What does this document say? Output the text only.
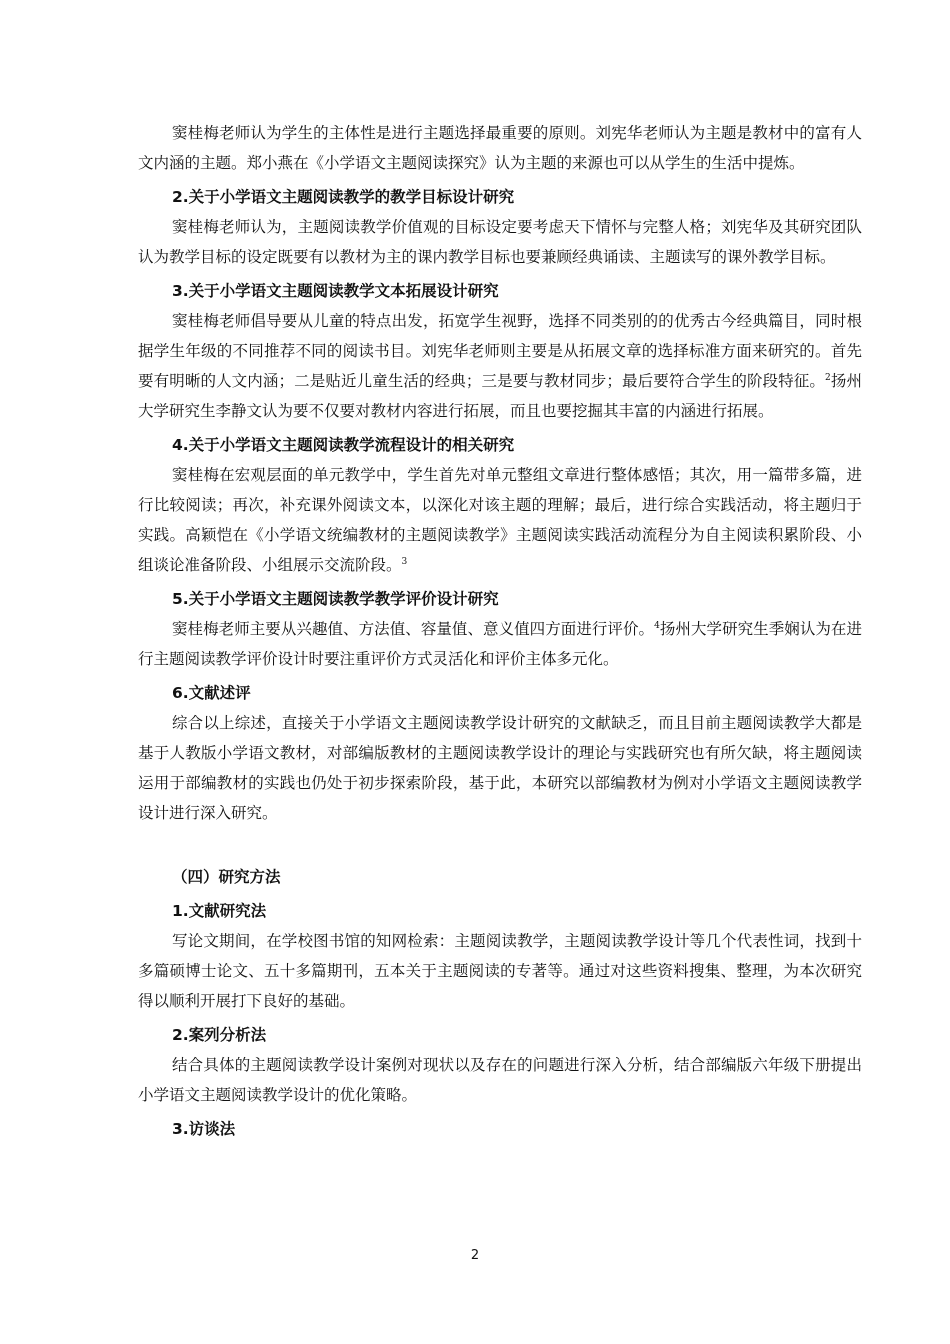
窦桂梅老师认为学生的主体性是进行主题选择最重要的原则。刘宪华老师认为主题是教材中的富有人文内涵的主题。郑小燕在《小学语文主题阅读探究》认为主题的来源也可以从学生的生活中提炼。

2.关于小学语文主题阅读教学的教学目标设计研究

窦桂梅老师认为，主题阅读教学价值观的目标设定要考虑天下情怀与完整人格；刘宪华及其研究团队认为教学目标的设定既要有以教材为主的课内教学目标也要兼顾经典诵读、主题读写的课外教学目标。

3.关于小学语文主题阅读教学文本拓展设计研究

窦桂梅老师倡导要从儿童的特点出发，拓宽学生视野，选择不同类别的的优秀古今经典篇目，同时根据学生年级的不同推荐不同的阅读书目。刘宪华老师则主要是从拓展文章的选择标准方面来研究的。首先要有明晰的人文内涵；二是贴近儿童生活的经典；三是要与教材同步；最后要符合学生的阶段特征。$^2$扬州大学研究生李静文认为要不仅要对教材内容进行拓展，而且也要挖掘其丰富的内涵进行拓展。

4.关于小学语文主题阅读教学流程设计的相关研究

窦桂梅在宏观层面的单元教学中，学生首先对单元整组文章进行整体感悟；其次，用一篇带多篇，进行比较阅读；再次，补充课外阅读文本，以深化对该主题的理解；最后，进行综合实践活动，将主题归于实践。高颖恺在《小学语文统编教材的主题阅读教学》主题阅读实践活动流程分为自主阅读积累阶段、小组谈论准备阶段、小组展示交流阶段。$^3$

5.关于小学语文主题阅读教学教学评价设计研究

窦桂梅老师主要从兴趣值、方法值、容量值、意义值四方面进行评价。$^4$扬州大学研究生季娴认为在进行主题阅读教学评价设计时要注重评价方式灵活化和评价主体多元化。

6.文献述评

综合以上综述，直接关于小学语文主题阅读教学设计研究的文献缺乏，而且目前主题阅读教学大都是基于人教版小学语文教材，对部编版教材的主题阅读教学设计的理论与实践研究也有所欠缺，将主题阅读运用于部编教材的实践也仍处于初步探索阶段，基于此，本研究以部编教材为例对小学语文主题阅读教学设计进行深入研究。

（四）研究方法

1.文献研究法

写论文期间，在学校图书馆的知网检索：主题阅读教学，主题阅读教学设计等几个代表性词，找到十多篇硕博士论文、五十多篇期刊，五本关于主题阅读的专著等。通过对这些资料搜集、整理，为本次研究得以顺利开展打下良好的基础。

2.案列分析法

结合具体的主题阅读教学设计案例对现状以及存在的问题进行深入分析，结合部编版六年级下册提出小学语文主题阅读教学设计的优化策略。

3.访谈法

2
